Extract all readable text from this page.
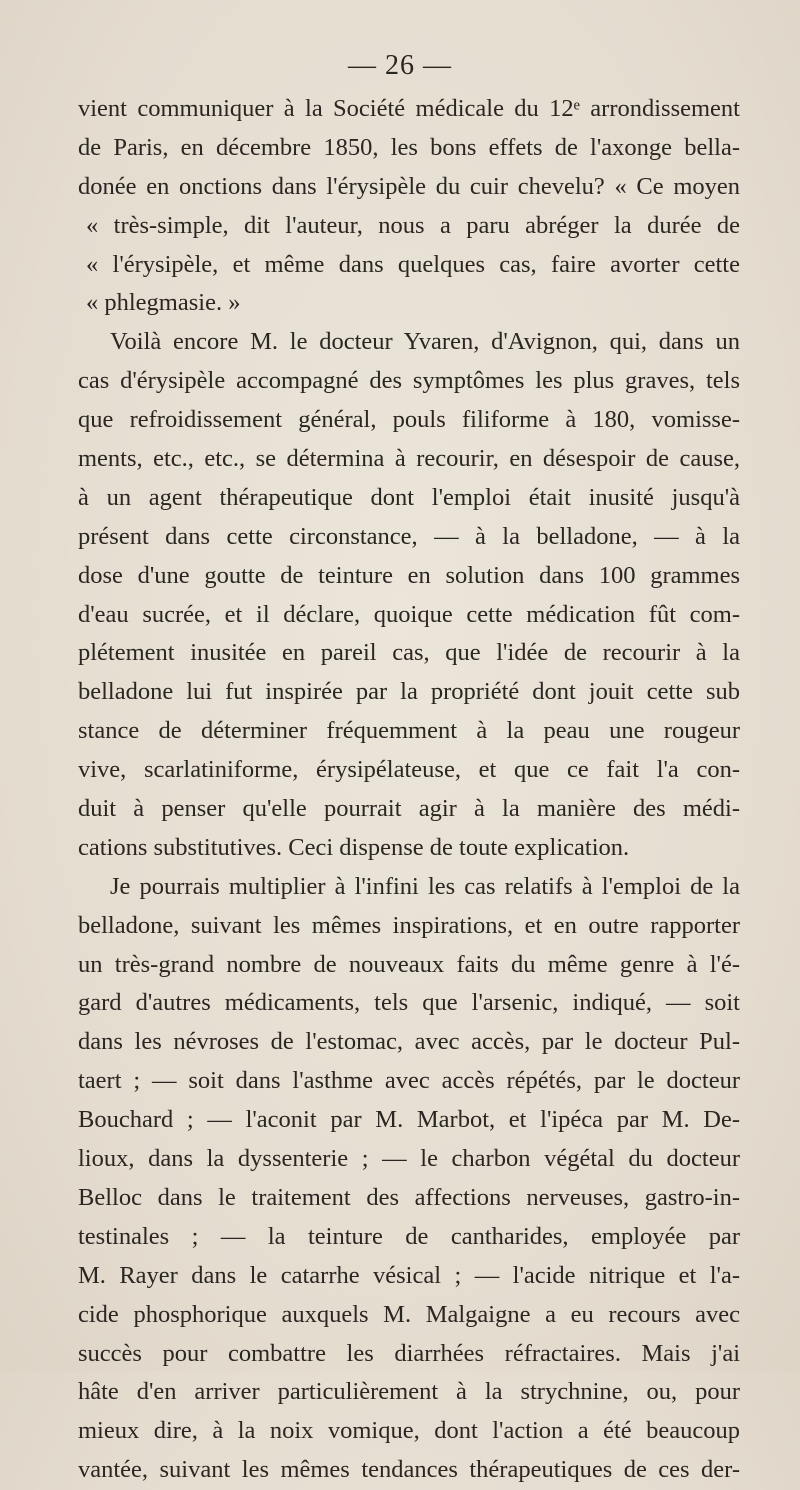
— 26 —
vient communiquer à la Société médicale du 12ᵉ arrondissement
de Paris, en décembre 1850, les bons effets de l'axonge bella-
donée en onctions dans l'érysipèle du cuir chevelu? « Ce moyen
« très-simple, dit l'auteur, nous a paru abréger la durée de
« l'érysipèle, et même dans quelques cas, faire avorter cette
« phlegmasie. »
Voilà encore M. le docteur Yvaren, d'Avignon, qui, dans un
cas d'érysipèle accompagné des symptômes les plus graves, tels
que refroidissement général, pouls filiforme à 180, vomisse-
ments, etc., etc., se détermina à recourir, en désespoir de cause,
à un agent thérapeutique dont l'emploi était inusité jusqu'à
présent dans cette circonstance, — à la belladone, — à la
dose d'une goutte de teinture en solution dans 100 grammes
d'eau sucrée, et il déclare, quoique cette médication fût com-
plétement inusitée en pareil cas, que l'idée de recourir à la
belladone lui fut inspirée par la propriété dont jouit cette sub
stance de déterminer fréquemment à la peau une rougeur
vive, scarlatiniforme, érysipélateuse, et que ce fait l'a con-
duit à penser qu'elle pourrait agir à la manière des médi-
cations substitutives. Ceci dispense de toute explication.
Je pourrais multiplier à l'infini les cas relatifs à l'emploi de la
belladone, suivant les mêmes inspirations, et en outre rapporter
un très-grand nombre de nouveaux faits du même genre à l'é-
gard d'autres médicaments, tels que l'arsenic, indiqué, — soit
dans les névroses de l'estomac, avec accès, par le docteur Pul-
taert ; — soit dans l'asthme avec accès répétés, par le docteur
Bouchard ; — l'aconit par M. Marbot, et l'ipéca par M. De-
lioux, dans la dyssenterie ; — le charbon végétal du docteur
Belloc dans le traitement des affections nerveuses, gastro-in-
testinales ; — la teinture de cantharides, employée par
M. Rayer dans le catarrhe vésical ; — l'acide nitrique et l'a-
cide phosphorique auxquels M. Malgaigne a eu recours avec
succès pour combattre les diarrhées réfractaires. Mais j'ai
hâte d'en arriver particulièrement à la strychnine, ou, pour
mieux dire, à la noix vomique, dont l'action a été beaucoup
vantée, suivant les mêmes tendances thérapeutiques de ces der-
